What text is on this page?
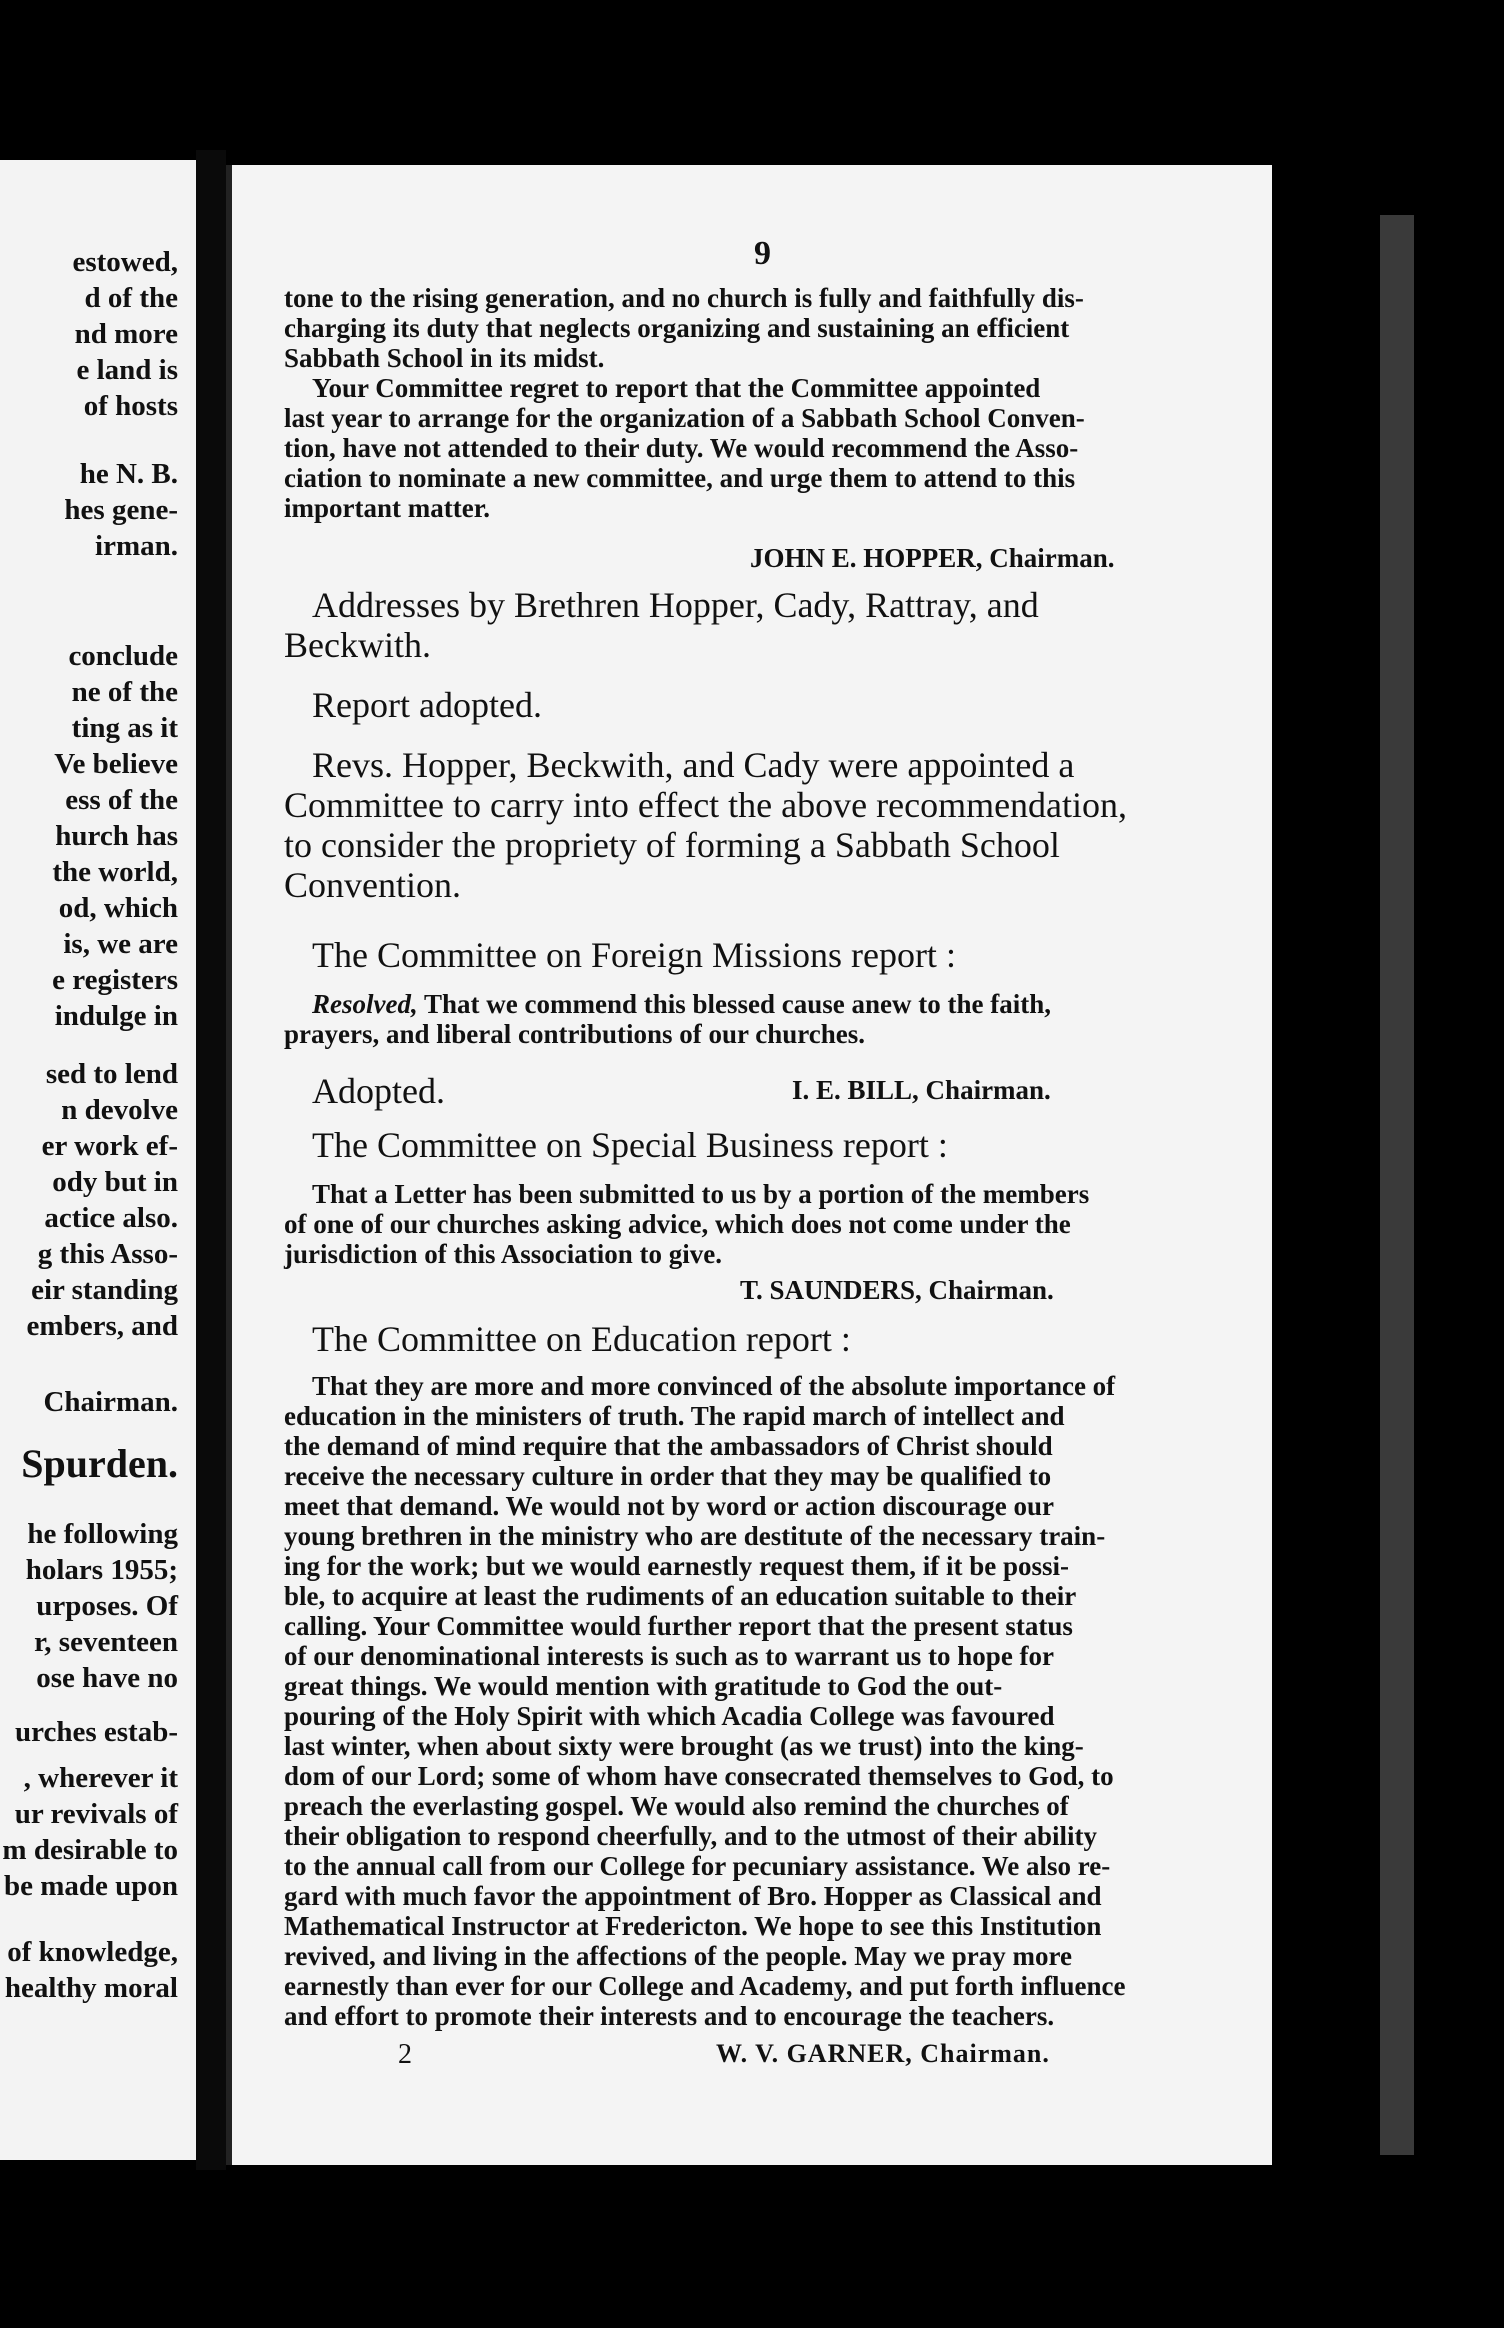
estowed,
d of the
nd more
e land is
of hosts
he N. B.
hes gene-
irman.
conclude
ne of the
ting as it
Ve believe
ess of the
hurch has
the world,
od, which
is, we are
e registers
indulge in
sed to lend
n devolve
er work ef-
ody but in
actice also.
g this Asso-
eir standing
embers, and
Chairman.
Spurden.
he following
holars 1955;
urposes. Of
r, seventeen
ose have no
urches estab-
, wherever it
ur revivals of
m desirable to
be made upon
of knowledge,
healthy moral
9
tone to the rising generation, and no church is fully and faithfully dis-
charging its duty that neglects organizing and sustaining an efficient
Sabbath School in its midst.
Your Committee regret to report that the Committee appointed
last year to arrange for the organization of a Sabbath School Conven-
tion, have not attended to their duty. We would recommend the Asso-
ciation to nominate a new committee, and urge them to attend to this
important matter.
JOHN E. HOPPER, Chairman.
Addresses by Brethren Hopper, Cady, Rattray, and
Beckwith.
Report adopted.
Revs. Hopper, Beckwith, and Cady were appointed a
Committee to carry into effect the above recommendation,
to consider the propriety of forming a Sabbath School
Convention.
The Committee on Foreign Missions report :
Resolved, That we commend this blessed cause anew to the faith,
prayers, and liberal contributions of our churches.
Adopted.	I. E. BILL, Chairman.
The Committee on Special Business report :
That a Letter has been submitted to us by a portion of the members
of one of our churches asking advice, which does not come under the
jurisdiction of this Association to give.
T. SAUNDERS, Chairman.
The Committee on Education report :
That they are more and more convinced of the absolute importance of
education in the ministers of truth. The rapid march of intellect and
the demand of mind require that the ambassadors of Christ should
receive the necessary culture in order that they may be qualified to
meet that demand. We would not by word or action discourage our
young brethren in the ministry who are destitute of the necessary train-
ing for the work; but we would earnestly request them, if it be possi-
ble, to acquire at least the rudiments of an education suitable to their
calling. Your Committee would further report that the present status
of our denominational interests is such as to warrant us to hope for
great things. We would mention with gratitude to God the out-
pouring of the Holy Spirit with which Acadia College was favoured
last winter, when about sixty were brought (as we trust) into the king-
dom of our Lord; some of whom have consecrated themselves to God, to
preach the everlasting gospel. We would also remind the churches of
their obligation to respond cheerfully, and to the utmost of their ability
to the annual call from our College for pecuniary assistance. We also re-
gard with much favor the appointment of Bro. Hopper as Classical and
Mathematical Instructor at Fredericton. We hope to see this Institution
revived, and living in the affections of the people. May we pray more
earnestly than ever for our College and Academy, and put forth influence
and effort to promote their interests and to encourage the teachers.
2	W. V. GARNER, Chairman.
